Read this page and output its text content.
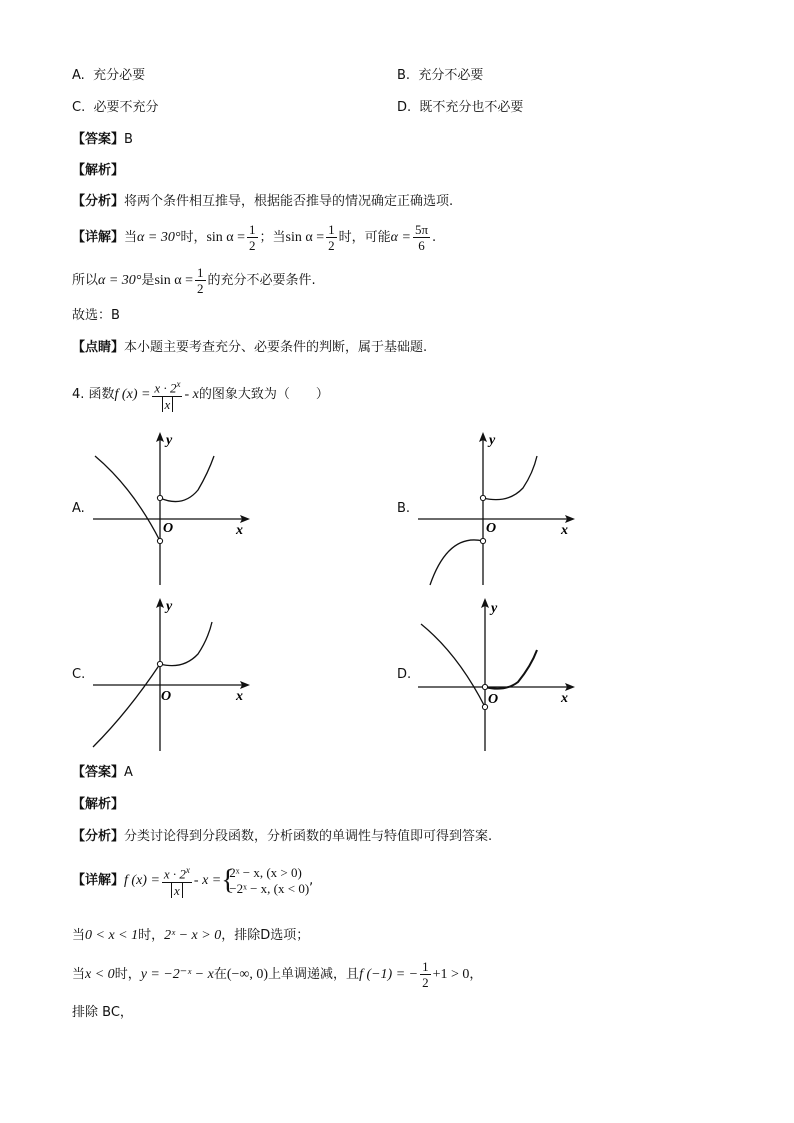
A. 充分必要	B. 充分不必要
C. 必要不充分	D. 既不充分也不必要
【答案】B
【解析】
【分析】将两个条件相互推导，根据能否推导的情况确定正确选项.
【详解】当α = 30°时，$\sin \alpha = \frac{1}{2}$ ；当$\sin \alpha = \frac{1}{2}$ 时，可能$\alpha = \frac{5\pi}{6}$ .
所以α = 30°是$\sin \alpha = \frac{1}{2}$ 的充分不必要条件.
故选：B
【点睛】本小题主要考查充分、必要条件的判断，属于基础题.
4. 函数f $(x) = \frac{x \cdot 2^x}{x} - x$的图象大致为（　　）
A.	B.
C.	D.
y
x
O
y
x
O
y
x
O
y
x
O
【答案】A
【解析】
【分析】分类讨论得到分段函数，分析函数的单调性与特值即可得到答案.
【详解】f $(x) = \frac{x \cdot 2^x}{x} - x$ = {
2ˣ − x, (x > 0)
−2ˣ − x, (x < 0) ,
当0 < x < 1时，2ˣ − x > 0，排除D选项；
当x < 0时，y = −2⁻ˣ − x在(−∞, 0)上单调递减，且f (−1) = − $\frac{1}{2} +1 > 0$，
排除 BC，
